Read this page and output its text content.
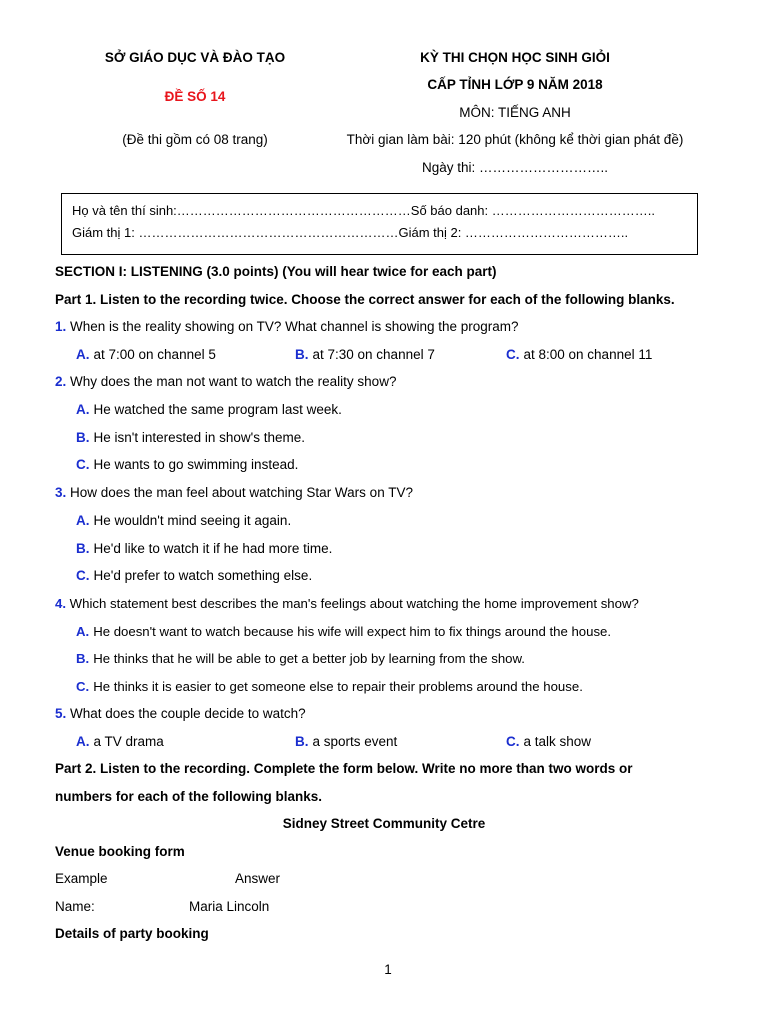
SỞ GIÁO DỤC VÀ ĐÀO TẠO
ĐỀ SỐ 14
(Đề thi gồm có 08 trang)
KỲ THI CHỌN HỌC SINH GIỎI
CẤP TỈNH LỚP 9 NĂM 2018
MÔN: TIẾNG ANH
Thời gian làm bài: 120 phút (không kể thời gian phát đề)
Ngày thi: ………………………..
Họ và tên thí sinh:………………………………………………Số báo danh: ………………………………..
Giám thị 1: ……………………………………………………Giám thị 2: ………………………………..
SECTION I: LISTENING (3.0 points) (You will hear twice for each part)
Part 1. Listen to the recording twice. Choose the correct answer for each of the following blanks.
1. When is the reality showing on TV? What channel is showing the program?
A. at 7:00 on channel 5	B. at 7:30 on channel 7	C. at 8:00 on channel 11
2. Why does the man not want to watch the reality show?
A. He watched the same program last week.
B. He isn't interested in show's theme.
C. He wants to go swimming instead.
3. How does the man feel about watching Star Wars on TV?
A. He wouldn't mind seeing it again.
B. He'd like to watch it if he had more time.
C. He'd prefer to watch something else.
4. Which statement best describes the man's feelings about watching the home improvement show?
A. He doesn't want to watch because his wife will expect him to fix things around the house.
B. He thinks that he will be able to get a better job by learning from the show.
C. He thinks it is easier to get someone else to repair their problems around the house.
5. What does the couple decide to watch?
A. a TV drama	B. a sports event	C. a talk show
Part 2. Listen to the recording. Complete the form below. Write no more than two words or
numbers for each of the following blanks.
Sidney Street Community Cetre
Venue booking form
Example	Answer
Name:	Maria Lincoln
Details of party booking
1
